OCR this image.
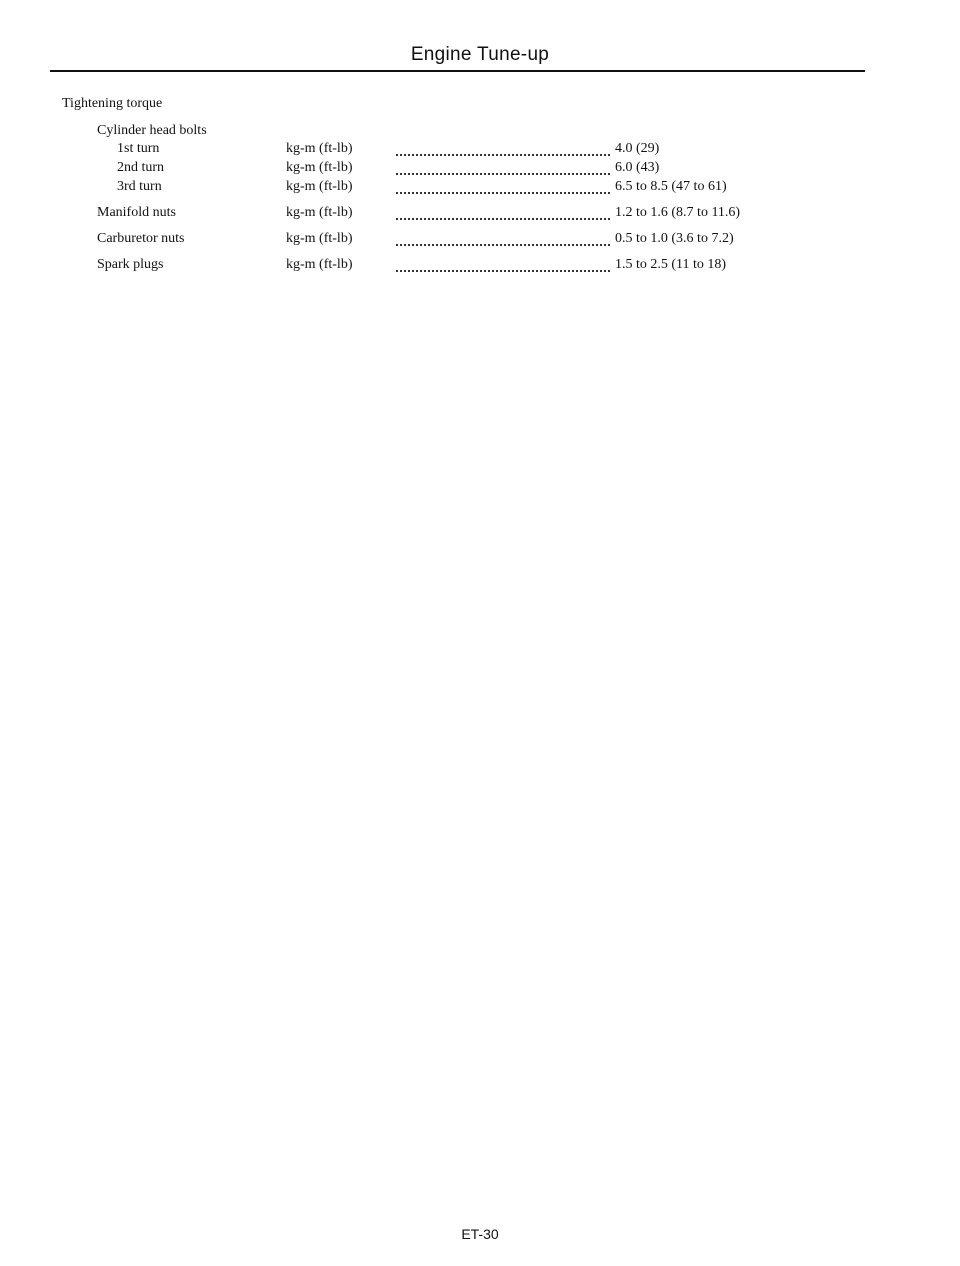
Engine Tune-up
Tightening torque
Cylinder head bolts
1st turn	kg-m (ft-lb)	4.0 (29)
2nd turn	kg-m (ft-lb)	6.0 (43)
3rd turn	kg-m (ft-lb)	6.5 to 8.5 (47 to 61)
Manifold nuts	kg-m (ft-lb)	1.2 to 1.6 (8.7 to 11.6)
Carburetor nuts	kg-m (ft-lb)	0.5 to 1.0 (3.6 to 7.2)
Spark plugs	kg-m (ft-lb)	1.5 to 2.5 (11 to 18)
ET-30
